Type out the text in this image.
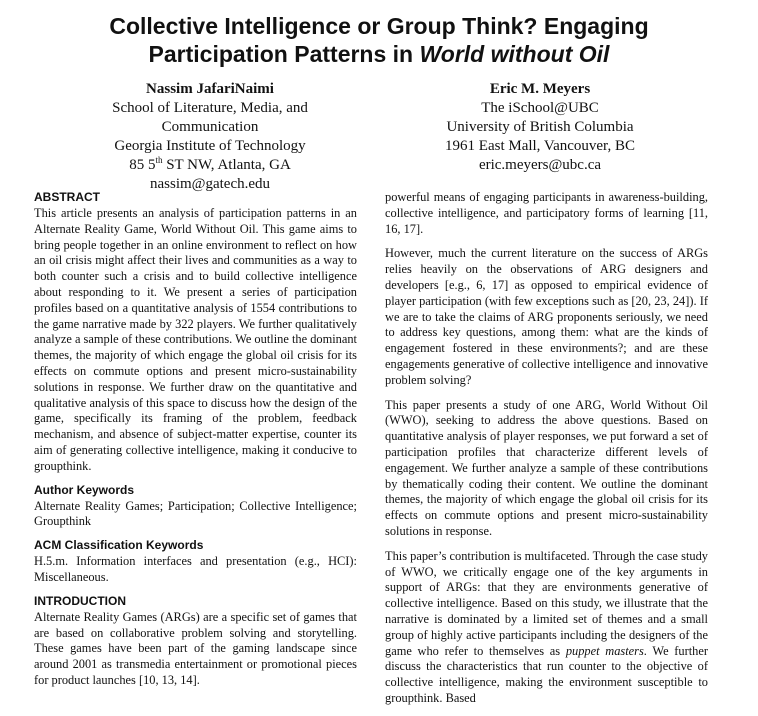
Collective Intelligence or Group Think? Engaging
Participation Patterns in World without Oil
Nassim JafariNaimi
School of Literature, Media, and
Communication
Georgia Institute of Technology
85 5th ST NW, Atlanta, GA
nassim@gatech.edu
Eric M. Meyers
The iSchool@UBC
University of British Columbia
1961 East Mall, Vancouver, BC
eric.meyers@ubc.ca
ABSTRACT

This article presents an analysis of participation patterns in an Alternate Reality Game, World Without Oil. This game aims to bring people together in an online environment to reflect on how an oil crisis might affect their lives and communities as a way to both counter such a crisis and to build collective intelligence about responding to it. We present a series of participation profiles based on a quantitative analysis of 1554 contributions to the game narrative made by 322 players. We further qualitatively analyze a sample of these contributions. We outline the dominant themes, the majority of which engage the global oil crisis for its effects on commute options and present micro-sustainability solutions in response. We further draw on the quantitative and qualitative analysis of this space to discuss how the design of the game, specifically its framing of the problem, feedback mechanism, and absence of subject-matter expertise, counter its aim of generating collective intelligence, making it conducive to groupthink.

Author Keywords

Alternate Reality Games; Participation; Collective Intelligence; Groupthink

ACM Classification Keywords

H.5.m. Information interfaces and presentation (e.g., HCI): Miscellaneous.

INTRODUCTION

Alternate Reality Games (ARGs) are a specific set of games that are based on collaborative problem solving and storytelling. These games have been part of the gaming landscape since around 2001 as transmedia entertainment or promotional pieces for product launches [10, 13, 14].

powerful means of engaging participants in awareness-building, collective intelligence, and participatory forms of learning [11, 16, 17].

However, much the current literature on the success of ARGs relies heavily on the observations of ARG designers and developers [e.g., 6, 17] as opposed to empirical evidence of player participation (with few exceptions such as [20, 23, 24]). If we are to take the claims of ARG proponents seriously, we need to address key questions, among them: what are the kinds of engagement fostered in these environments?; and are these engagements generative of collective intelligence and innovative problem solving?

This paper presents a study of one ARG, World Without Oil (WWO), seeking to address the above questions. Based on quantitative analysis of player responses, we put forward a set of participation profiles that characterize different levels of engagement. We further analyze a sample of these contributions by thematically coding their content. We outline the dominant themes, the majority of which engage the global oil crisis for its effects on commute options and present micro-sustainability solutions in response.

This paper’s contribution is multifaceted. Through the case study of WWO, we critically engage one of the key arguments in support of ARGs: that they are environments generative of collective intelligence. Based on this study, we illustrate that the narrative is dominated by a limited set of themes and a small group of highly active participants including the designers of the game who refer to themselves as puppet masters. We further discuss the characteristics that run counter to the objective of collective intelligence, making the environment susceptible to groupthink. Based
